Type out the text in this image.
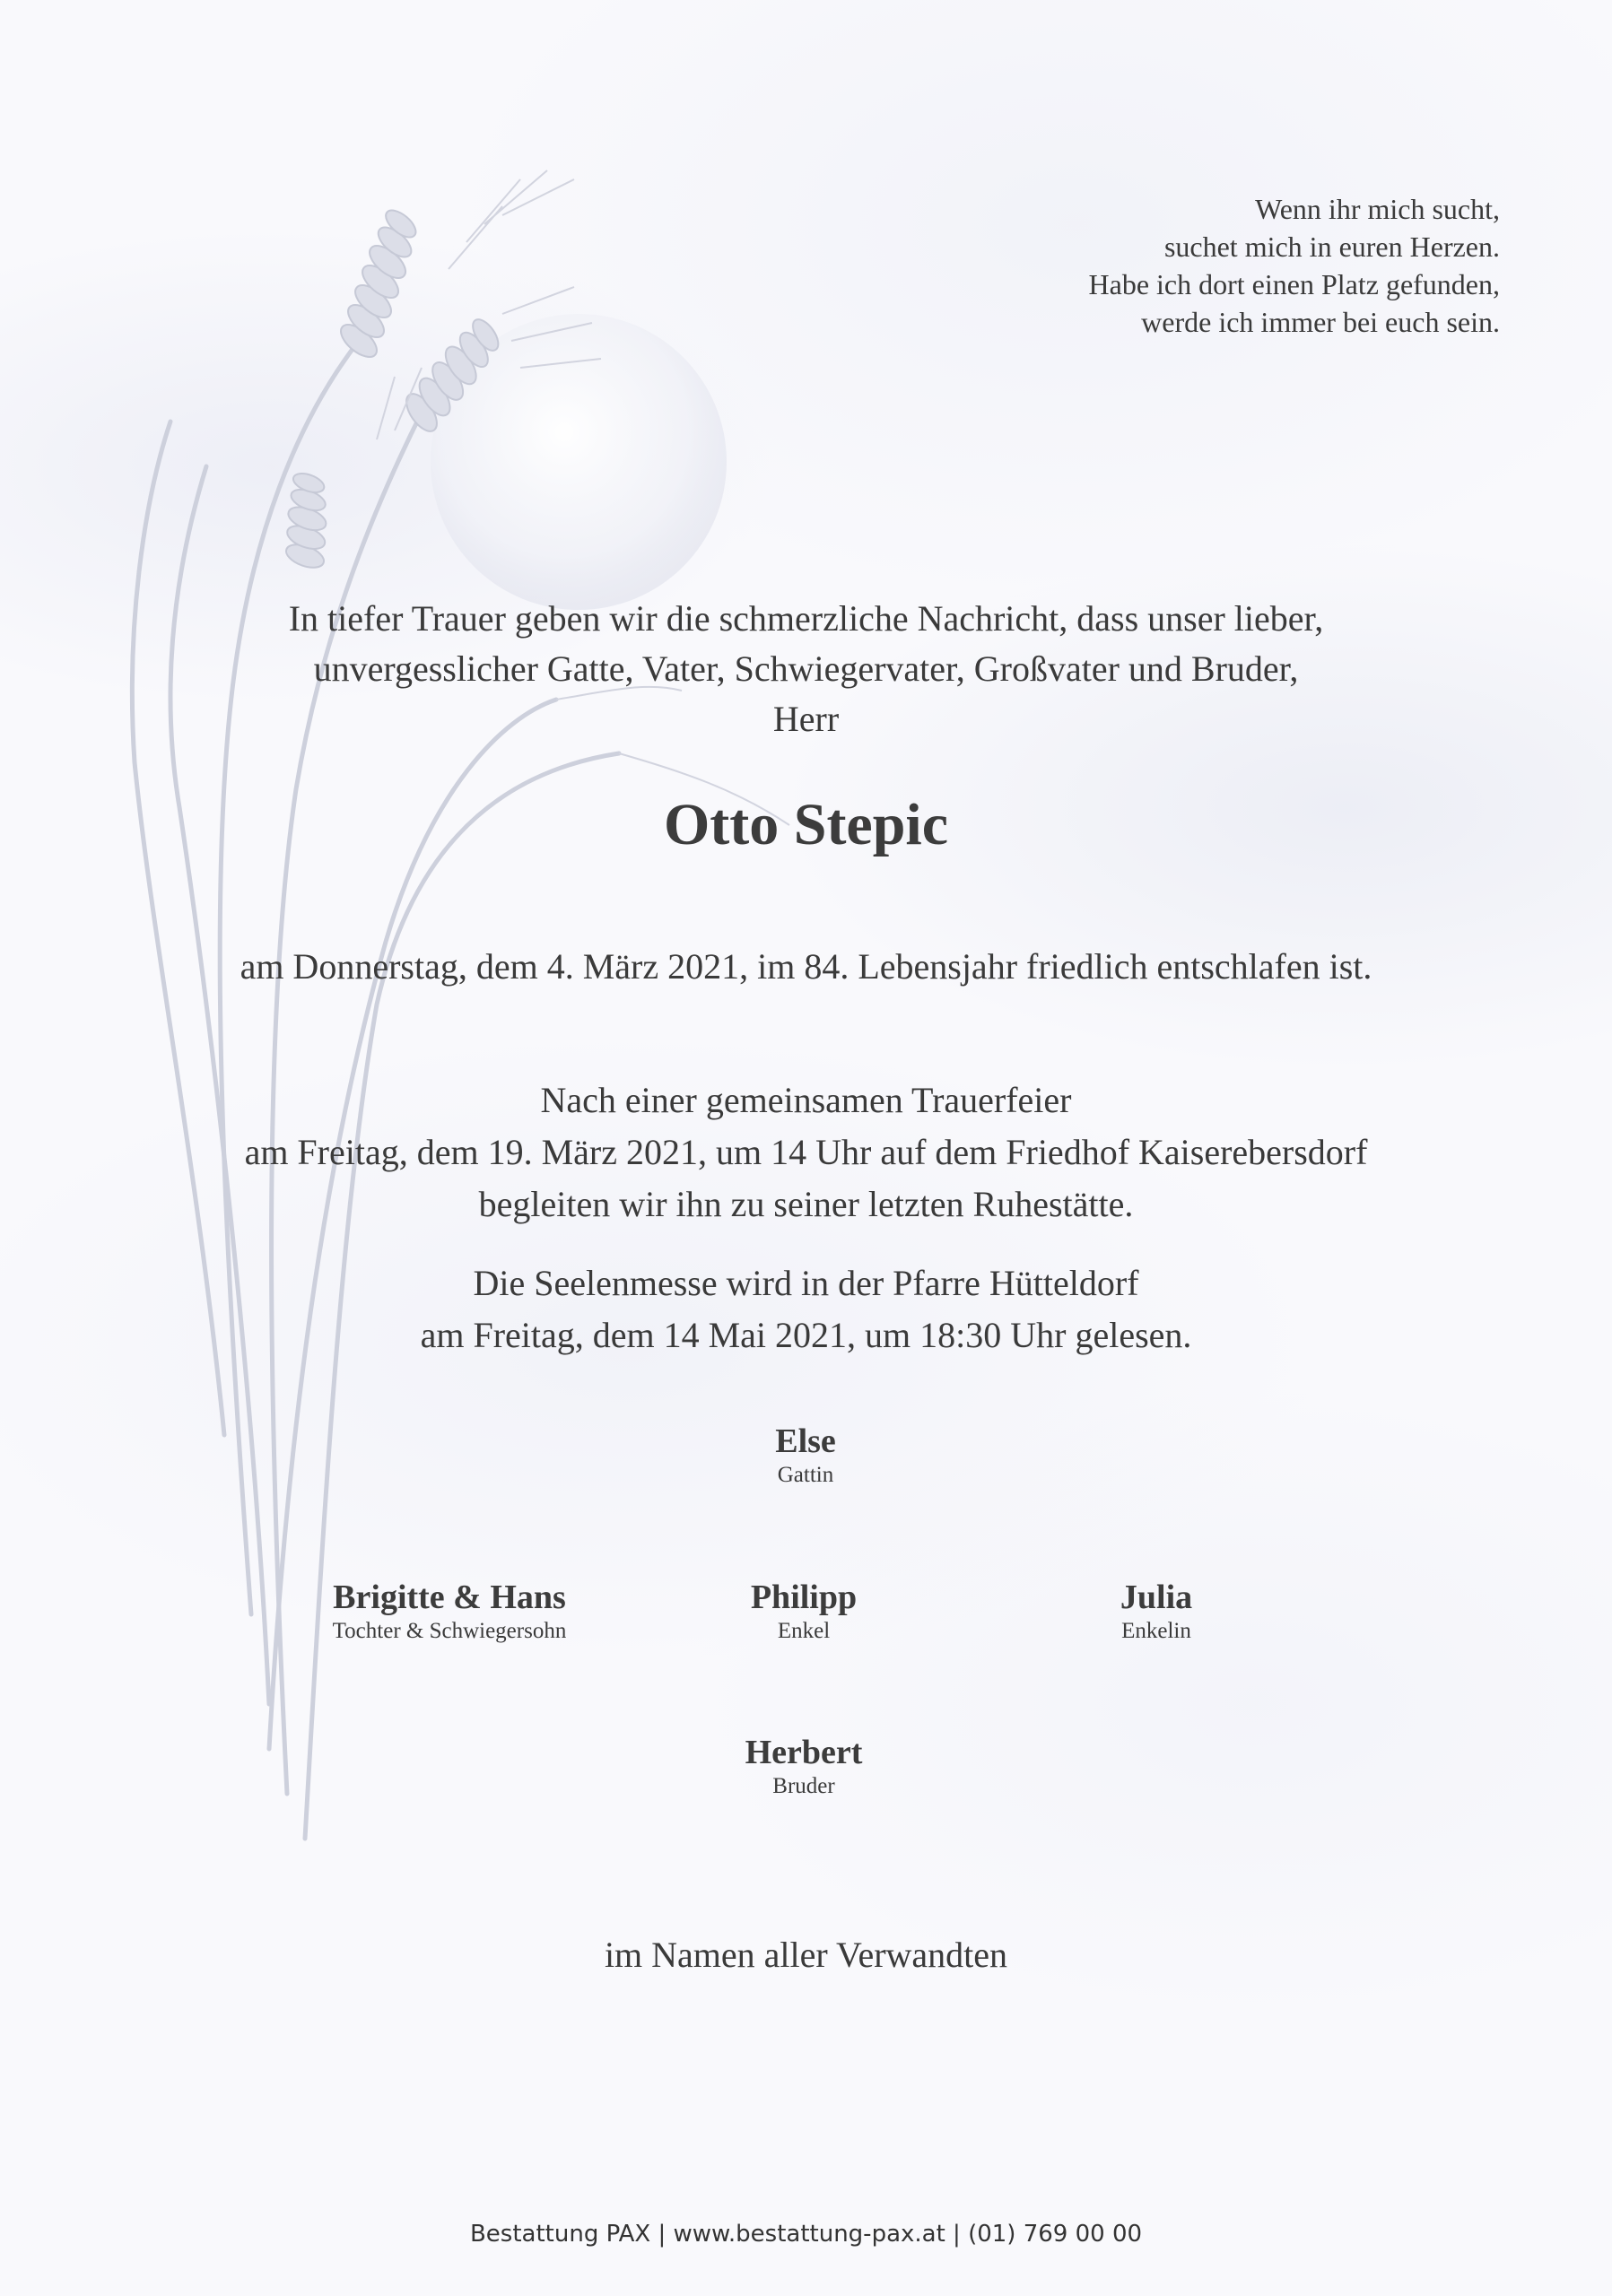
Wenn ihr mich sucht,
suchet mich in euren Herzen.
Habe ich dort einen Platz gefunden,
werde ich immer bei euch sein.
In tiefer Trauer geben wir die schmerzliche Nachricht, dass unser lieber,
unvergesslicher Gatte, Vater, Schwiegervater, Großvater und Bruder,
Herr
Otto Stepic
am Donnerstag, dem 4. März 2021, im 84. Lebensjahr friedlich entschlafen ist.
Nach einer gemeinsamen Trauerfeier
am Freitag, dem 19. März 2021, um 14 Uhr auf dem Friedhof Kaiserebersdorf
begleiten wir ihn zu seiner letzten Ruhestätte.
Die Seelenmesse wird in der Pfarre Hütteldorf
am Freitag, dem 14 Mai 2021, um 18:30 Uhr gelesen.
Else
Gattin
Brigitte & Hans
Tochter & Schwiegersohn
Philipp
Enkel
Julia
Enkelin
Herbert
Bruder
im Namen aller Verwandten
Bestattung PAX | www.bestattung-pax.at | (01) 769 00 00
